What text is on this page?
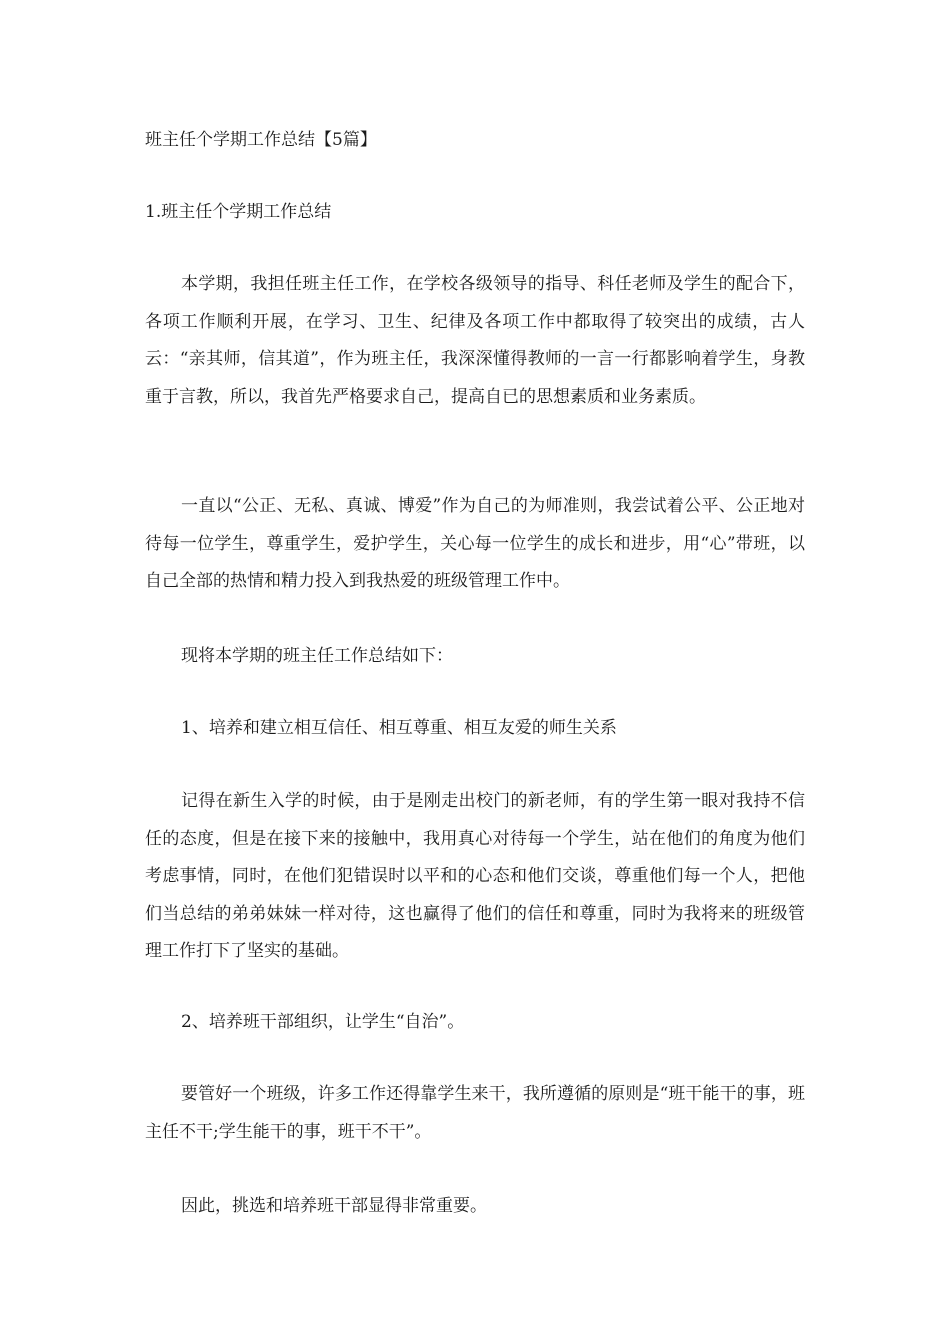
班主任个学期工作总结【5篇】
1.班主任个学期工作总结

本学期，我担任班主任工作，在学校各级领导的指导、科任老师及学生的配合下，各项工作顺利开展，在学习、卫生、纪律及各项工作中都取得了较突出的成绩，古人云：“亲其师，信其道”，作为班主任，我深深懂得教师的一言一行都影响着学生，身教重于言教，所以，我首先严格要求自己，提高自已的思想素质和业务素质。

一直以“公正、无私、真诚、博爱”作为自己的为师准则，我尝试着公平、公正地对待每一位学生，尊重学生，爱护学生，关心每一位学生的成长和进步，用“心”带班，以自己全部的热情和精力投入到我热爱的班级管理工作中。

现将本学期的班主任工作总结如下：

1、培养和建立相互信任、相互尊重、相互友爱的师生关系

记得在新生入学的时候，由于是刚走出校门的新老师，有的学生第一眼对我持不信任的态度，但是在接下来的接触中，我用真心对待每一个学生，站在他们的角度为他们考虑事情，同时，在他们犯错误时以平和的心态和他们交谈，尊重他们每一个人，把他们当总结的弟弟妹妹一样对待，这也赢得了他们的信任和尊重，同时为我将来的班级管理工作打下了坚实的基础。

2、培养班干部组织，让学生“自治”。

要管好一个班级，许多工作还得靠学生来干，我所遵循的原则是“班干能干的事，班主任不干;学生能干的事，班干不干”。

因此，挑选和培养班干部显得非常重要。
